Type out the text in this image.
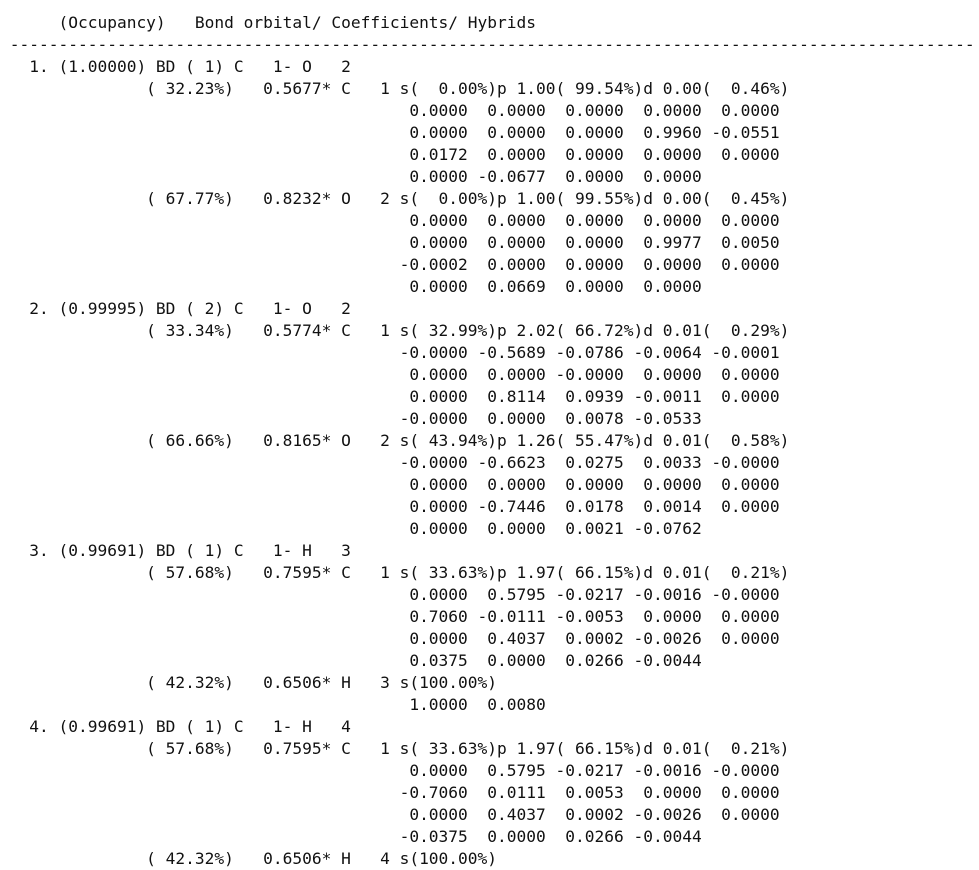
(Occupancy)   Bond orbital/ Coefficients/ Hybrids
---------------------------------------------------------------------------------------------------
1. (1.00000) BD ( 1) C   1- O   2
( 32.23%)   0.5677* C   1 s(  0.00%)p 1.00( 99.54%)d 0.00(  0.46%)
0.0000  0.0000  0.0000  0.0000  0.0000
0.0000  0.0000  0.0000  0.9960 -0.0551
0.0172  0.0000  0.0000  0.0000  0.0000
0.0000 -0.0677  0.0000  0.0000
( 67.77%)   0.8232* O   2 s(  0.00%)p 1.00( 99.55%)d 0.00(  0.45%)
0.0000  0.0000  0.0000  0.0000  0.0000
0.0000  0.0000  0.0000  0.9977  0.0050
-0.0002  0.0000  0.0000  0.0000  0.0000
0.0000  0.0669  0.0000  0.0000
2. (0.99995) BD ( 2) C   1- O   2
( 33.34%)   0.5774* C   1 s( 32.99%)p 2.02( 66.72%)d 0.01(  0.29%)
-0.0000 -0.5689 -0.0786 -0.0064 -0.0001
0.0000  0.0000 -0.0000  0.0000  0.0000
0.0000  0.8114  0.0939 -0.0011  0.0000
-0.0000  0.0000  0.0078 -0.0533
( 66.66%)   0.8165* O   2 s( 43.94%)p 1.26( 55.47%)d 0.01(  0.58%)
-0.0000 -0.6623  0.0275  0.0033 -0.0000
0.0000  0.0000  0.0000  0.0000  0.0000
0.0000 -0.7446  0.0178  0.0014  0.0000
0.0000  0.0000  0.0021 -0.0762
3. (0.99691) BD ( 1) C   1- H   3
( 57.68%)   0.7595* C   1 s( 33.63%)p 1.97( 66.15%)d 0.01(  0.21%)
0.0000  0.5795 -0.0217 -0.0016 -0.0000
0.7060 -0.0111 -0.0053  0.0000  0.0000
0.0000  0.4037  0.0002 -0.0026  0.0000
0.0375  0.0000  0.0266 -0.0044
( 42.32%)   0.6506* H   3 s(100.00%)
1.0000  0.0080
4. (0.99691) BD ( 1) C   1- H   4
( 57.68%)   0.7595* C   1 s( 33.63%)p 1.97( 66.15%)d 0.01(  0.21%)
0.0000  0.5795 -0.0217 -0.0016 -0.0000
-0.7060  0.0111  0.0053  0.0000  0.0000
0.0000  0.4037  0.0002 -0.0026  0.0000
-0.0375  0.0000  0.0266 -0.0044
( 42.32%)   0.6506* H   4 s(100.00%)
